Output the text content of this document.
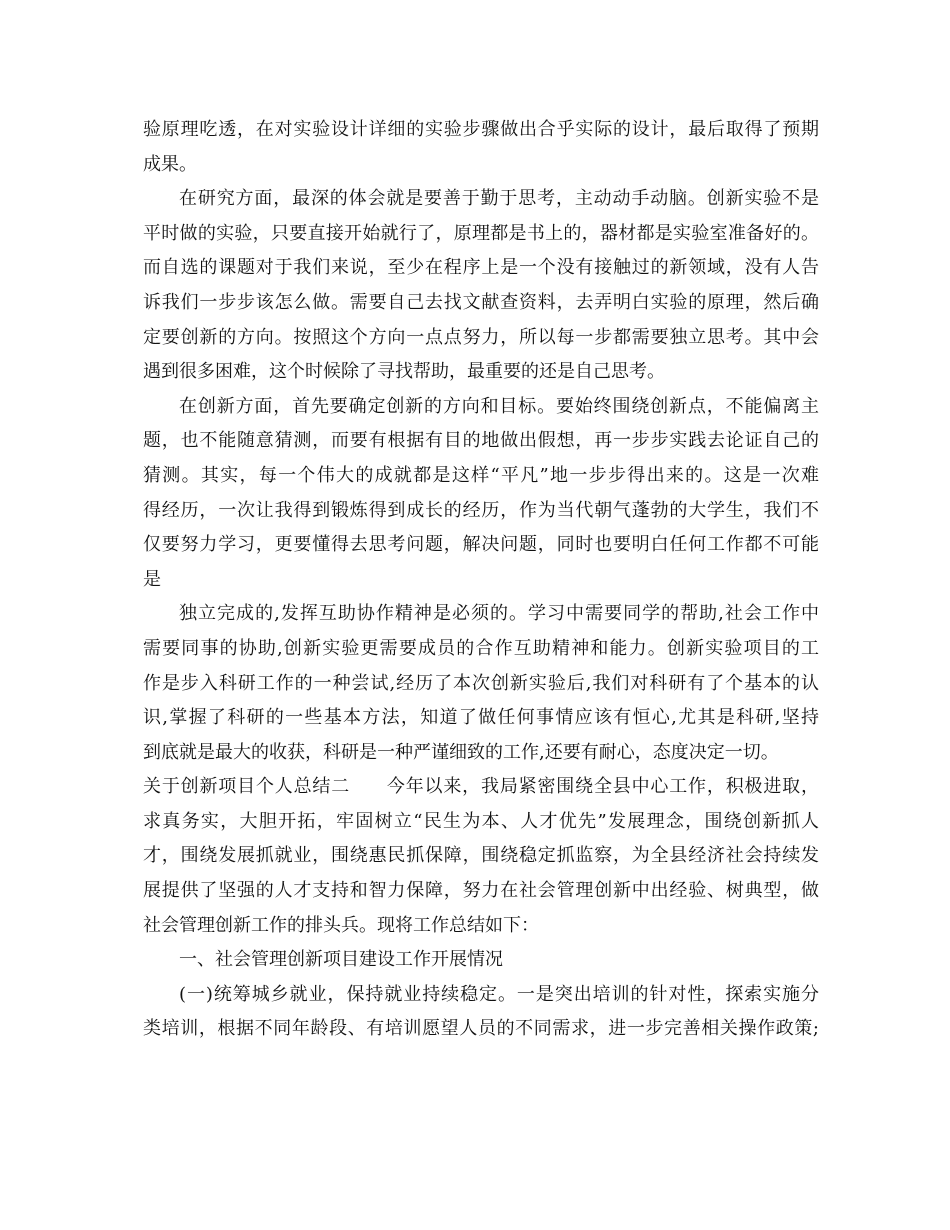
验原理吃透，在对实验设计详细的实验步骤做出合乎实际的设计，最后取得了预期
成果。
在研究方面，最深的体会就是要善于勤于思考，主动动手动脑。创新实验不是
平时做的实验，只要直接开始就行了，原理都是书上的，器材都是实验室准备好的。
而自选的课题对于我们来说，至少在程序上是一个没有接触过的新领域，没有人告
诉我们一步步该怎么做。需要自己去找文献查资料，去弄明白实验的原理，然后确
定要创新的方向。按照这个方向一点点努力，所以每一步都需要独立思考。其中会
遇到很多困难，这个时候除了寻找帮助，最重要的还是自己思考。
在创新方面，首先要确定创新的方向和目标。要始终围绕创新点，不能偏离主
题，也不能随意猜测，而要有根据有目的地做出假想，再一步步实践去论证自己的
猜测。其实，每一个伟大的成就都是这样“平凡”地一步步得出来的。这是一次难
得经历，一次让我得到锻炼得到成长的经历，作为当代朝气蓬勃的大学生，我们不
仅要努力学习，更要懂得去思考问题，解决问题，同时也要明白任何工作都不可能
是
独立完成的,发挥互助协作精神是必须的。学习中需要同学的帮助,社会工作中
需要同事的协助,创新实验更需要成员的合作互助精神和能力。创新实验项目的工
作是步入科研工作的一种尝试,经历了本次创新实验后,我们对科研有了个基本的认
识,掌握了科研的一些基本方法，知道了做任何事情应该有恒心,尤其是科研,坚持
到底就是最大的收获，科研是一种严谨细致的工作,还要有耐心，态度决定一切。
关于创新项目个人总结二 今年以来，我局紧密围绕全县中心工作，积极进取，
求真务实，大胆开拓，牢固树立“民生为本、人才优先”发展理念，围绕创新抓人
才，围绕发展抓就业，围绕惠民抓保障，围绕稳定抓监察，为全县经济社会持续发
展提供了坚强的人才支持和智力保障，努力在社会管理创新中出经验、树典型，做
社会管理创新工作的排头兵。现将工作总结如下：
一、社会管理创新项目建设工作开展情况
(一)统筹城乡就业，保持就业持续稳定。一是突出培训的针对性，探索实施分
类培训，根据不同年龄段、有培训愿望人员的不同需求，进一步完善相关操作政策;
